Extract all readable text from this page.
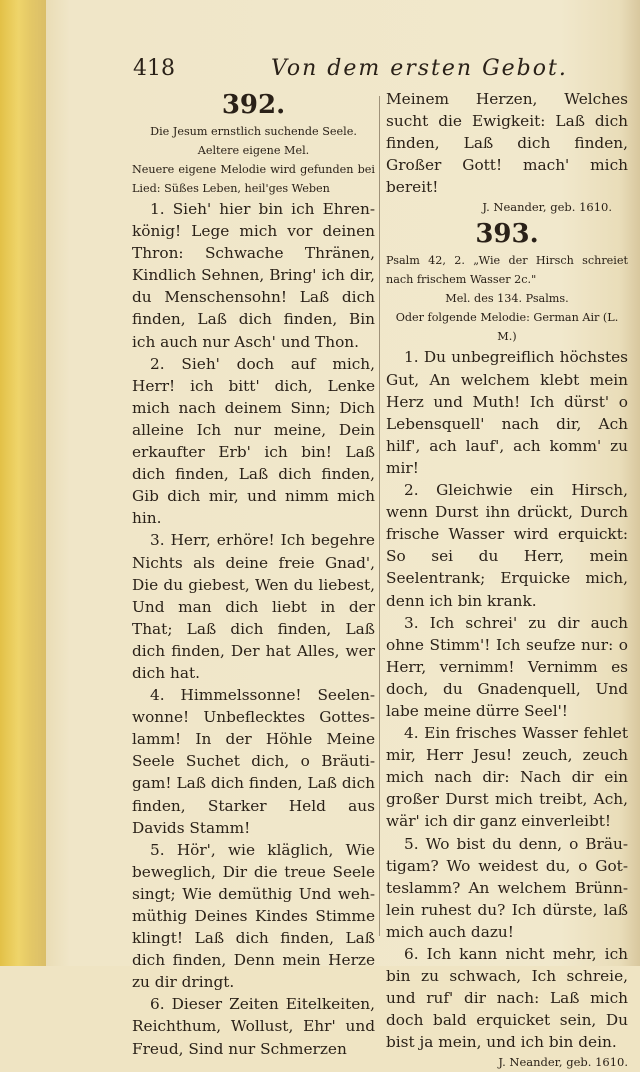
418	Von dem ersten Gebot.

392.

Die Jesum ernstlich suchende Seele.

Aeltere eigene Mel.

Neuere eigene Melodie wird gefunden bei Lied: Süßes Leben, heil'ges Weben

1. Sieh' hier bin ich Ehren-könig! Lege mich vor deinen Thron: Schwache Thränen, Kindlich Sehnen, Bring' ich dir, du Menschensohn! Laß dich finden, Laß dich finden, Bin ich auch nur Asch' und Thon.

2. Sieh' doch auf mich, Herr! ich bitt' dich, Lenke mich nach deinem Sinn; Dich alleine Ich nur meine, Dein erkaufter Erb' ich bin! Laß dich finden, Laß dich finden, Gib dich mir, und nimm mich hin.

3. Herr, erhöre! Ich begehre Nichts als deine freie Gnad', Die du giebest, Wen du liebest, Und man dich liebt in der That; Laß dich finden, Laß dich finden, Der hat Alles, wer dich hat.

4. Himmelssonne! Seelen-wonne! Unbeflecktes Gottes-lamm! In der Höhle Meine Seele Suchet dich, o Bräuti-gam! Laß dich finden, Laß dich finden, Starker Held aus Davids Stamm!

5. Hör', wie kläglich, Wie beweglich, Dir die treue Seele singt; Wie demüthig Und weh-müthig Deines Kindes Stimme klingt! Laß dich finden, Laß dich finden, Denn mein Herze zu dir dringt.

6. Dieser Zeiten Eitelkeiten, Reichthum, Wollust, Ehr' und Freud, Sind nur Schmerzen

Meinem Herzen, Welches sucht die Ewigkeit: Laß dich finden, Laß dich finden, Großer Gott! mach' mich bereit!

J. Neander, geb. 1610.

393.

Psalm 42, 2. „Wie der Hirsch schreiet nach frischem Wasser 2c."

Mel. des 134. Psalms.

Oder folgende Melodie: German Air (L. M.)

1. Du unbegreiflich höchstes Gut, An welchem klebt mein Herz und Muth! Ich dürst' o Lebensquell' nach dir, Ach hilf', ach lauf', ach komm' zu mir!

2. Gleichwie ein Hirsch, wenn Durst ihn drückt, Durch frische Wasser wird erquickt: So sei du Herr, mein Seelentrank; Erquicke mich, denn ich bin krank.

3. Ich schrei' zu dir auch ohne Stimm'! Ich seufze nur: o Herr, vernimm! Vernimm es doch, du Gnadenquell, Und labe meine dürre Seel'!

4. Ein frisches Wasser fehlet mir, Herr Jesu! zeuch, zeuch mich nach dir: Nach dir ein großer Durst mich treibt, Ach, wär' ich dir ganz einverleibt!

5. Wo bist du denn, o Bräu-tigam? Wo weidest du, o Got-teslamm? An welchem Brünn-lein ruhest du? Ich dürste, laß mich auch dazu!

6. Ich kann nicht mehr, ich bin zu schwach, Ich schreie, und ruf' dir nach: Laß mich doch bald erquicket sein, Du bist ja mein, und ich bin dein.

J. Neander, geb. 1610.
